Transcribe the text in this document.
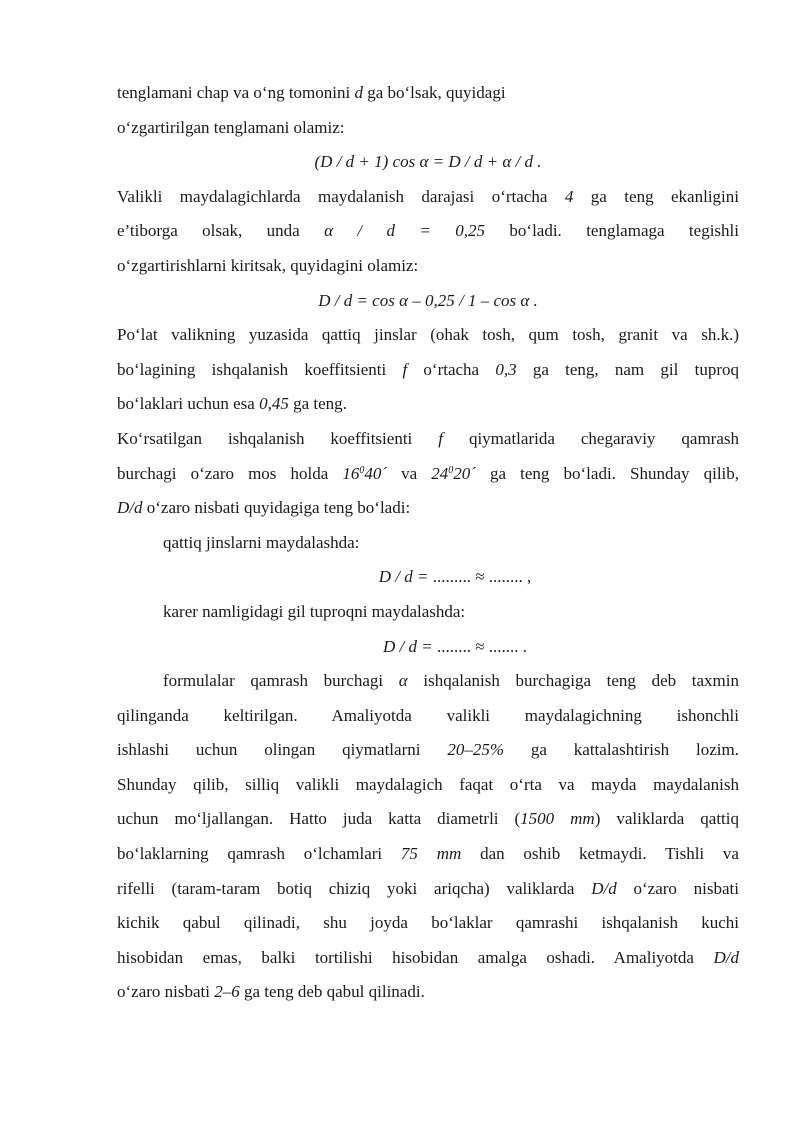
tenglamani chap va o‘ng tomonini d ga bo‘lsak, quyidagi
o‘zgartirilgan tenglamani olamiz:
(D / d + 1) cos α = D / d + α / d .
Valikli maydalagichlarda maydalanish darajasi o‘rtacha 4 ga teng ekanligini
e’tiborga olsak, unda α / d = 0,25 bo‘ladi. tenglamaga tegishli
o‘zgartirishlarni kiritsak, quyidagini olamiz:
D / d = cos α – 0,25 / 1 – cos α .
Po‘lat valikning yuzasida qattiq jinslar (ohak tosh, qum tosh, granit va sh.k.)
bo‘lagining ishqalanish koeffitsienti f o‘rtacha 0,3 ga teng, nam gil tuproq
bo‘laklari uchun esa 0,45 ga teng.
Ko‘rsatilgan ishqalanish koeffitsienti f qiymatlarida chegaraviy qamrash
burchagi o‘zaro mos holda $16^040´$ va $24^020´$ ga teng bo‘ladi. Shunday qilib,
D/d o‘zaro nisbati quyidagiga teng bo‘ladi:
qattiq jinslarni maydalashda:
D / d = ......... ≈ ........ ,
karer namligidagi gil tuproqni maydalashda:
D / d = ........ ≈ ....... .
formulalar qamrash burchagi α ishqalanish burchagiga teng deb taxmin
qilinganda keltirilgan. Amaliyotda valikli maydalagichning ishonchli
ishlashi uchun olingan qiymatlarni 20–25% ga kattalashtirish lozim.
Shunday qilib, silliq valikli maydalagich faqat o‘rta va mayda maydalanish
uchun mo‘ljallangan. Hatto juda katta diametrli (1500 mm) valiklarda qattiq
bo‘laklarning qamrash o‘lchamlari 75 mm dan oshib ketmaydi. Tishli va
rifelli (taram-taram botiq chiziq yoki ariqcha) valiklarda D/d o‘zaro nisbati
kichik qabul qilinadi, shu joyda bo‘laklar qamrashi ishqalanish kuchi
hisobidan emas, balki tortilishi hisobidan amalga oshadi. Amaliyotda D/d
o‘zaro nisbati 2–6 ga teng deb qabul qilinadi.
